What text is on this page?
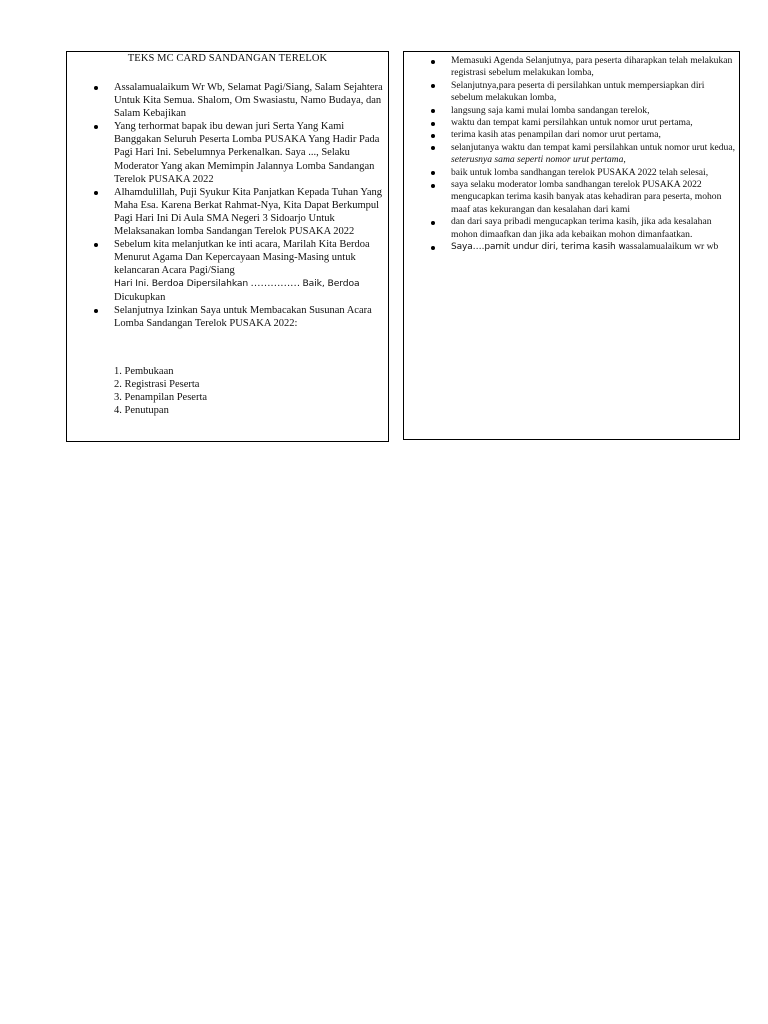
TEKS MC CARD SANDANGAN TERELOK
Assalamualaikum Wr Wb, Selamat Pagi/Siang, Salam Sejahtera Untuk Kita Semua. Shalom, Om Swasiastu, Namo Budaya, dan Salam Kebajikan
Yang terhormat bapak ibu dewan juri Serta Yang Kami Banggakan Seluruh Peserta Lomba PUSAKA Yang Hadir Pada Pagi Hari Ini. Sebelumnya Perkenalkan. Saya ..., Selaku Moderator Yang akan Memimpin Jalannya Lomba Sandangan Terelok PUSAKA 2022
Alhamdulillah, Puji Syukur Kita Panjatkan Kepada Tuhan Yang Maha Esa. Karena Berkat Rahmat-Nya, Kita Dapat Berkumpul Pagi Hari Ini Di Aula SMA Negeri 3 Sidoarjo Untuk Melaksanakan lomba Sandangan Terelok PUSAKA 2022
Sebelum kita melanjutkan ke inti acara, Marilah Kita Berdoa Menurut Agama Dan Kepercayaan Masing-Masing untuk kelancaran Acara Pagi/Siang
Hari Ini. Berdoa Dipersilahkan …………… Baik, Berdoa
Dicukupkan
Selanjutnya Izinkan Saya untuk Membacakan Susunan Acara Lomba Sandangan Terelok PUSAKA 2022:
1. Pembukaan
2. Registrasi Peserta
3. Penampilan Peserta
4. Penutupan
Memasuki Agenda Selanjutnya, para peserta diharapkan telah melakukan registrasi sebelum melakukan lomba,
Selanjutnya,para peserta di persilahkan untuk mempersiapkan diri sebelum melakukan lomba,
langsung saja kami mulai lomba sandangan terelok,
waktu dan tempat kami persilahkan untuk nomor urut pertama,
terima kasih atas penampilan dari nomor urut pertama,
selanjutanya waktu dan tempat kami persilahkan untuk nomor urut kedua, seterusnya sama seperti nomor urut pertama,
baik untuk lomba sandhangan terelok PUSAKA 2022 telah selesai,
saya selaku moderator lomba sandhangan terelok PUSAKA 2022 mengucapkan terima kasih banyak atas kehadiran para peserta, mohon maaf atas kekurangan dan kesalahan dari kami
dan dari saya pribadi mengucapkan terima kasih, jika ada kesalahan mohon dimaafkan dan jika ada kebaikan mohon dimanfaatkan.
Saya….pamit undur diri, terima kasih wassalamualaikum wr wb
